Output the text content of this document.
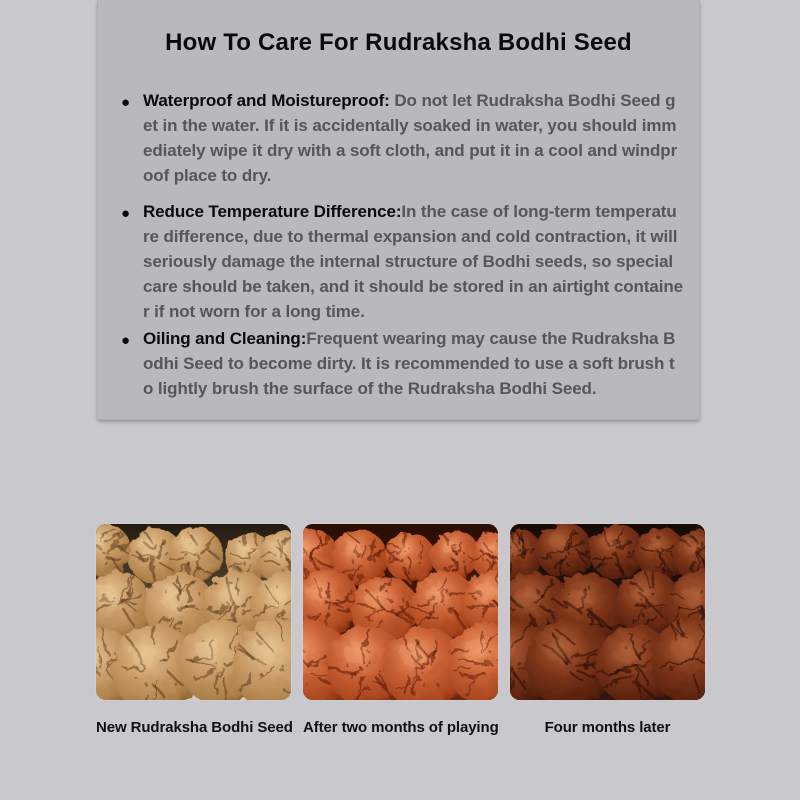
How To Care For Rudraksha Bodhi Seed
● Waterproof and Moistureproof: Do not let Rudraksha Bodhi Seed get in the water. If it is accidentally soaked in water, you should immediately wipe it dry with a soft cloth, and put it in a cool and windproof place to dry.
● Reduce Temperature Difference:In the case of long-term temperature difference, due to thermal expansion and cold contraction, it will seriously damage the internal structure of Bodhi seeds, so special care should be taken, and it should be stored in an airtight container if not worn for a long time.
● Oiling and Cleaning:Frequent wearing may cause the Rudraksha Bodhi Seed to become dirty. It is recommended to use a soft brush to lightly brush the surface of the Rudraksha Bodhi Seed.
New Rudraksha Bodhi Seed After two months of playing	Four months later
